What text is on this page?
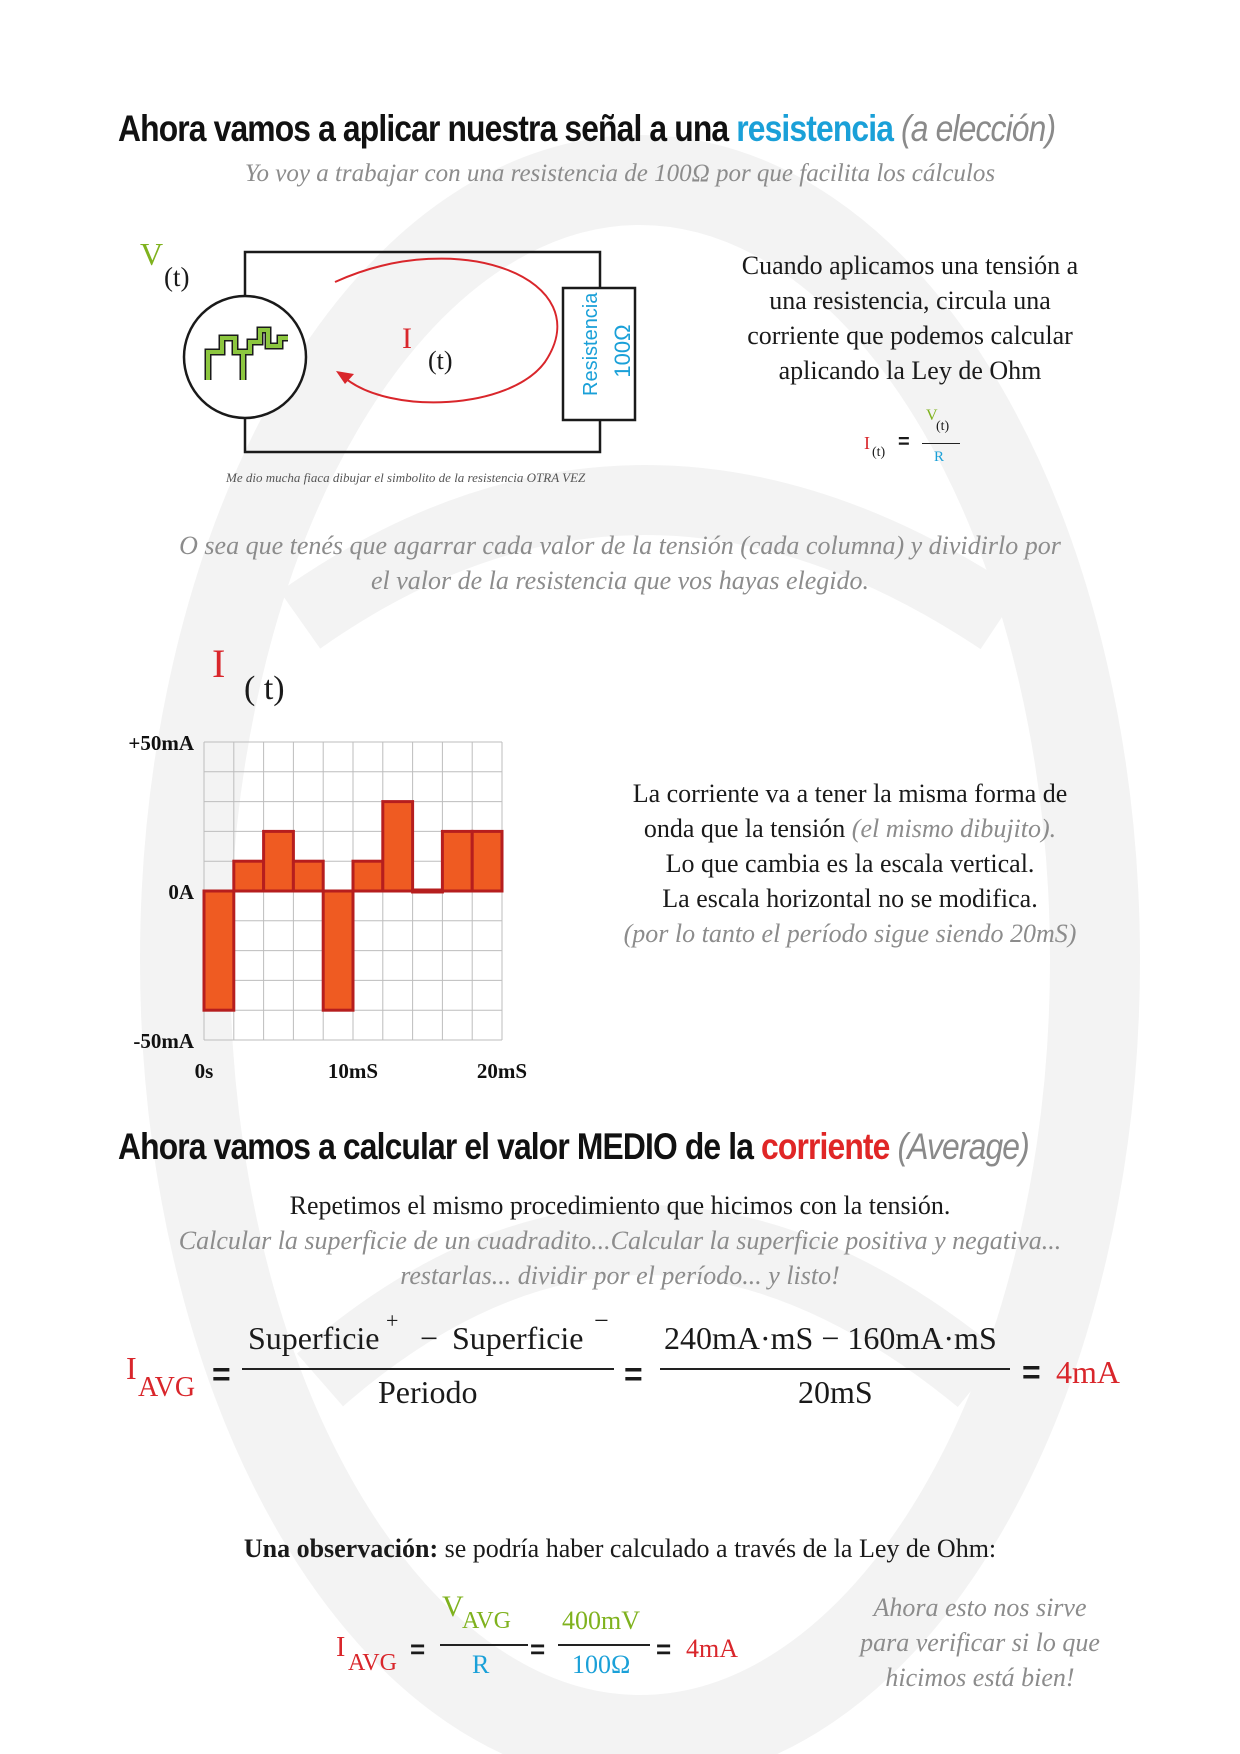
Ahora vamos a aplicar nuestra señal a una resistencia (a elección)
Yo voy a trabajar con una resistencia de 100Ω por que facilita los cálculos
V
(t)
I
(t)	Resistencia 100Ω
Me dio mucha fiaca dibujar el simbolito de la resistencia OTRA VEZ
Cuando aplicamos una tensión a
una resistencia, circula una
corriente que podemos calcular
aplicando la Ley de Ohm
I (t) =
V
(t)
R
O sea que tenés que agarrar cada valor de la tensión (cada columna) y dividirlo por
el valor de la resistencia que vos hayas elegido.
I
( t)
+50mA
0A
-50mA
0s	10mS	20mS
La corriente va a tener la misma forma de
onda que la tensión (el mismo dibujito).
Lo que cambia es la escala vertical.
La escala horizontal no se modifica.
(por lo tanto el período sigue siendo 20mS)
Ahora vamos a calcular el valor MEDIO de la corriente (Average)
Repetimos el mismo procedimiento que hicimos con la tensión.
Calcular la superficie de un cuadradito...Calcular la superficie positiva y negativa...
restarlas... dividir por el período... y listo!
I
AVG =
Superficie + − Superficie −
Periodo	=
240mA·mS − 160mA·mS
20mS
= 4mA
Una observación: se podría haber calculado a través de la Ley de Ohm:
I AVG =
V
AVG
R
=
400mV
100Ω
= 4mA
Ahora esto nos sirve
para verificar si lo que
hicimos está bien!
